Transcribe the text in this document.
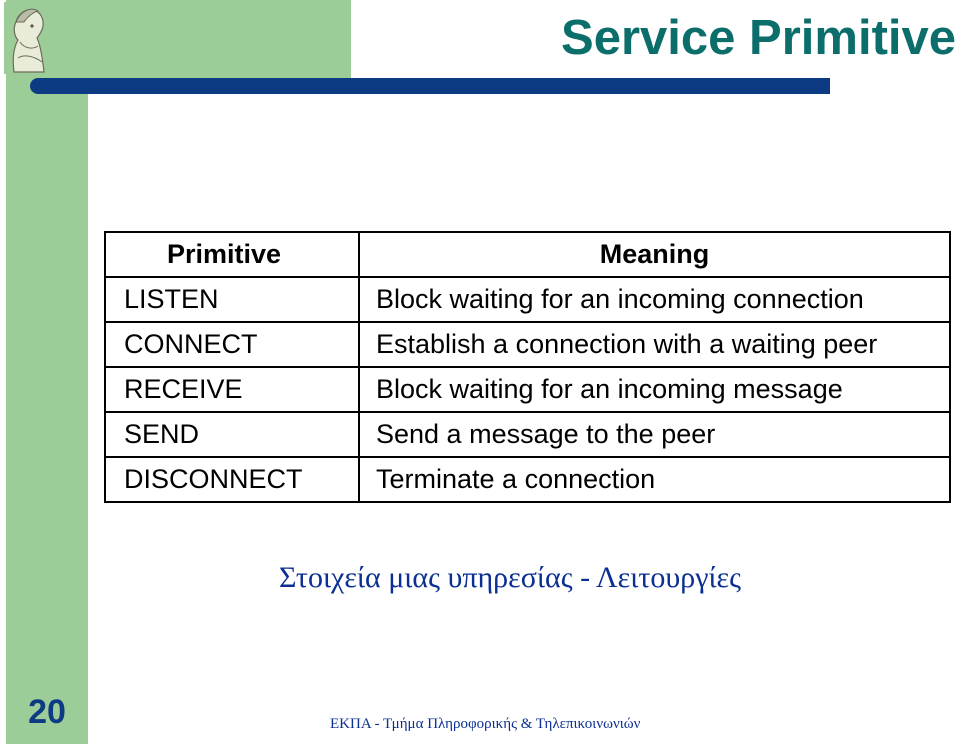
Service Primitive
Primitive	Meaning
LISTEN	Block waiting for an incoming connection
CONNECT	Establish a connection with a waiting peer
RECEIVE	Block waiting for an incoming message
SEND	Send a message to the peer
DISCONNECT	Terminate a connection
Στοιχεία μιας υπηρεσίας - Λειτουργίες
20	ΕΚΠΑ - Τμήμα Πληροφορικής & Τηλεπικοινωνιών
